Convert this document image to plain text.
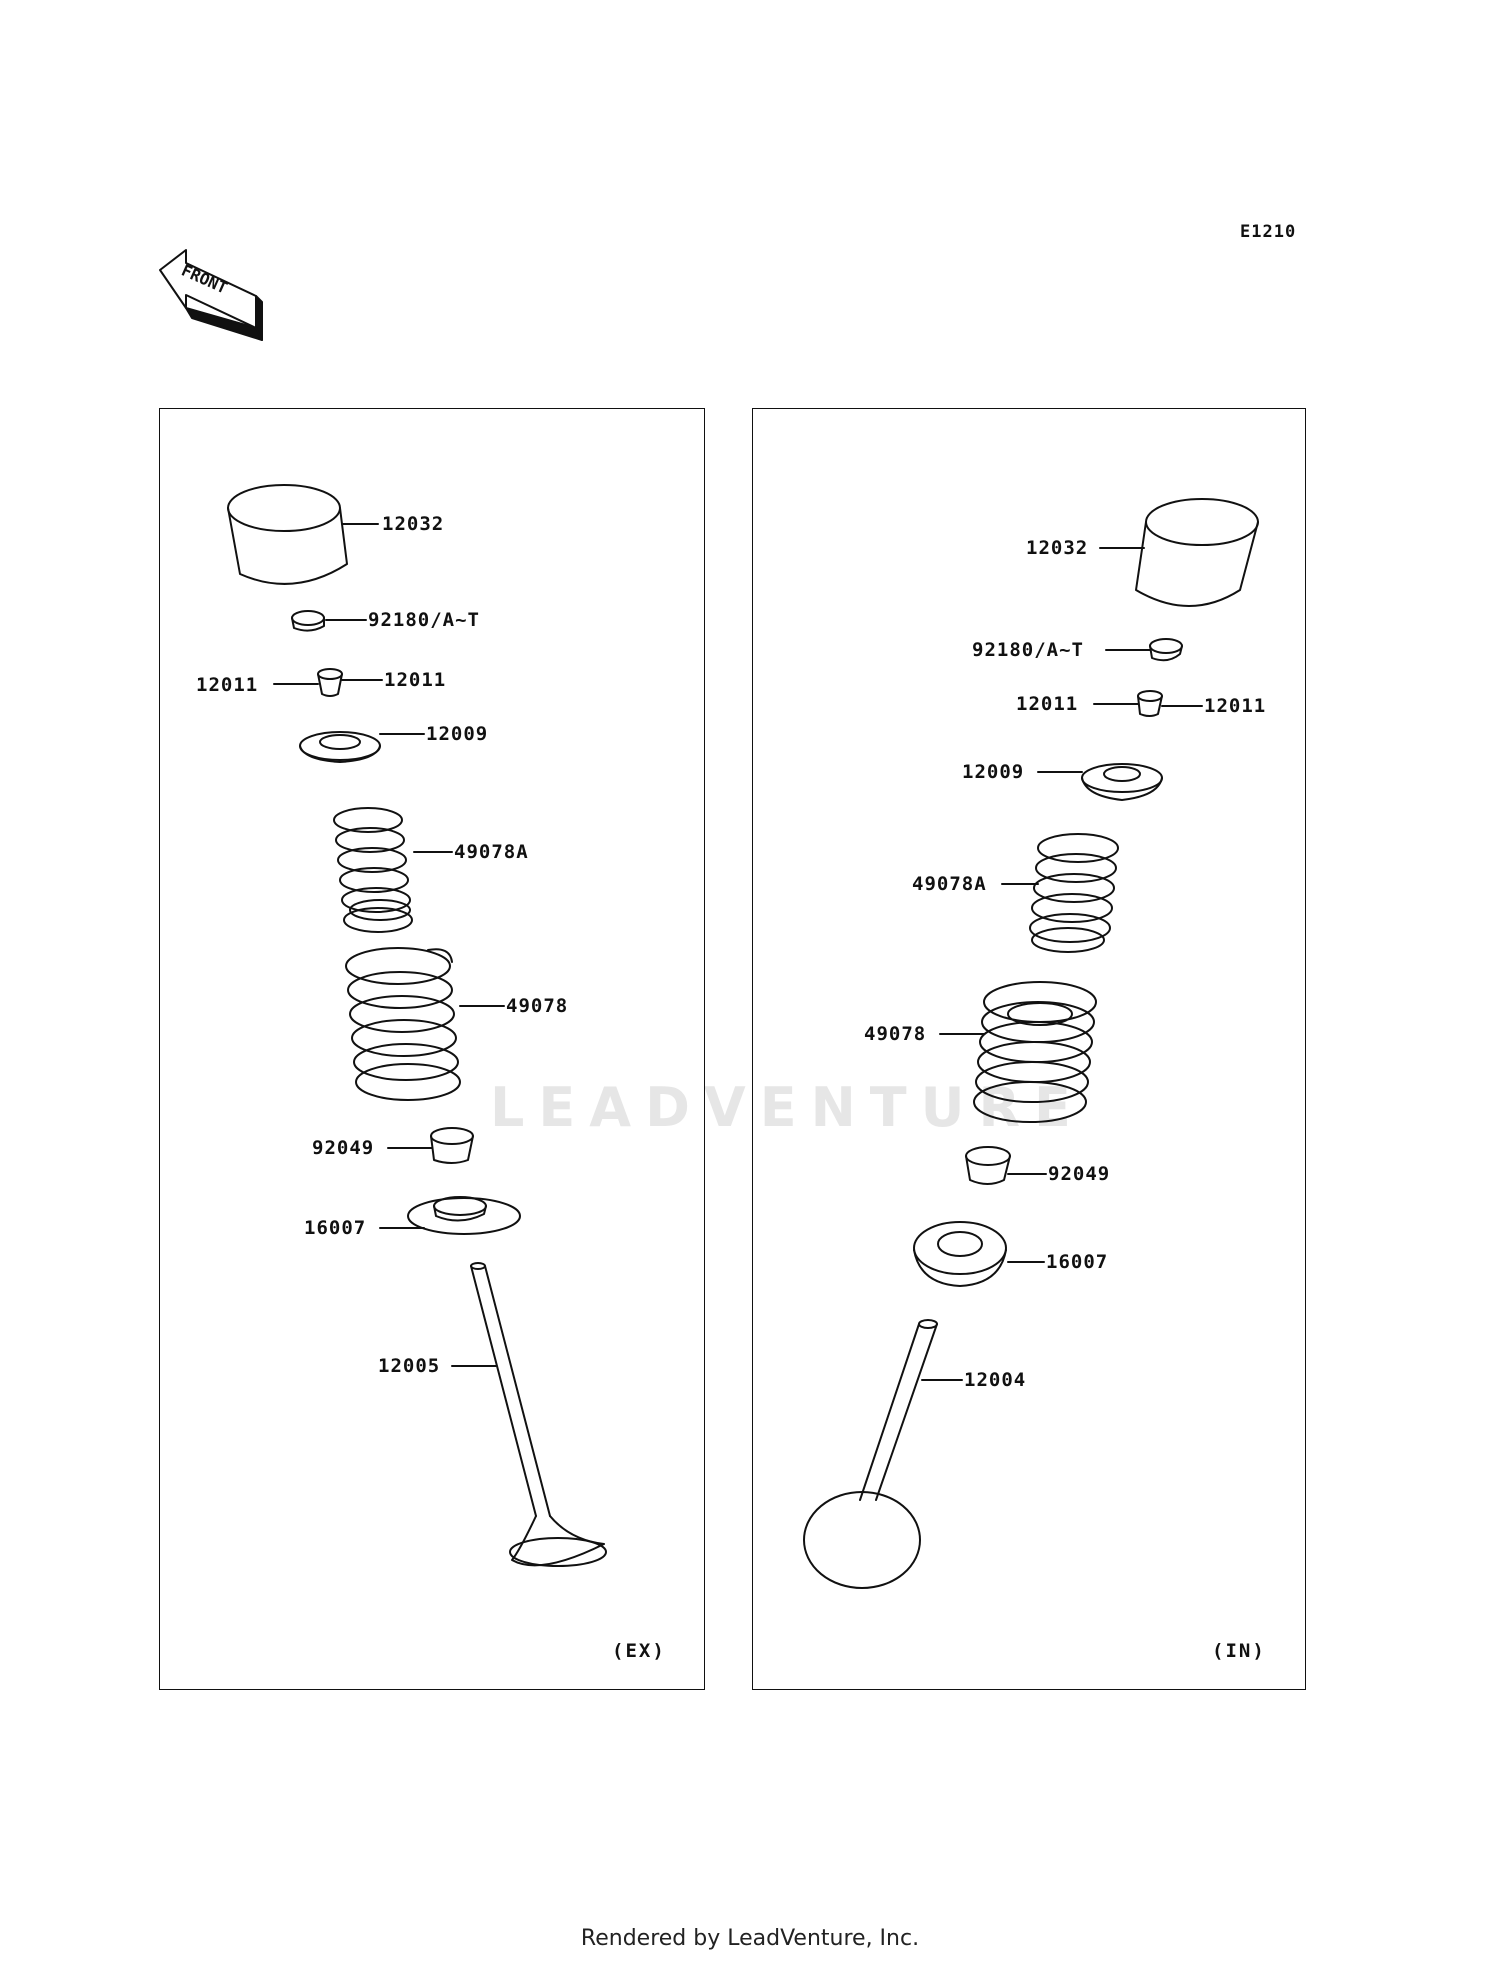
E1210
LEADVENTURE
FRONT
12032
92180/A~T
12011	12011
12009
49078A
49078
92049
16007
12005
(EX)
12032
92180/A~T
12011	12011
12009
49078A
49078
92049
16007
12004
(IN)
Rendered by LeadVenture, Inc.
